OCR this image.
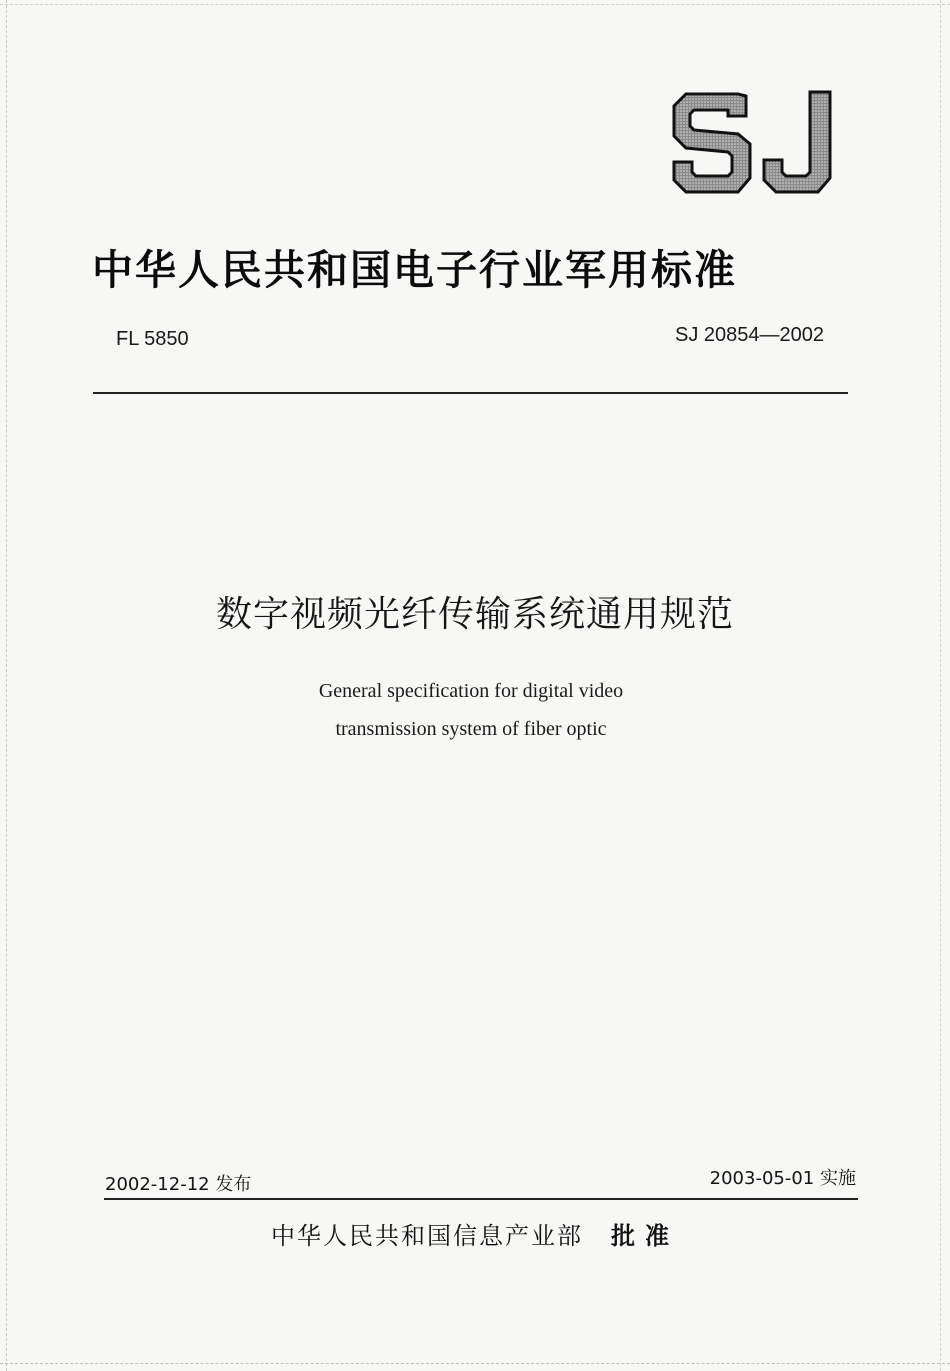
中华人民共和国电子行业军用标准
FL 5850	SJ 20854—2002
数字视频光纤传输系统通用规范
General specification for digital video
transmission system of fiber optic
2002-12-12 发布	2003-05-01 实施
中华人民共和国信息产业部 批准
